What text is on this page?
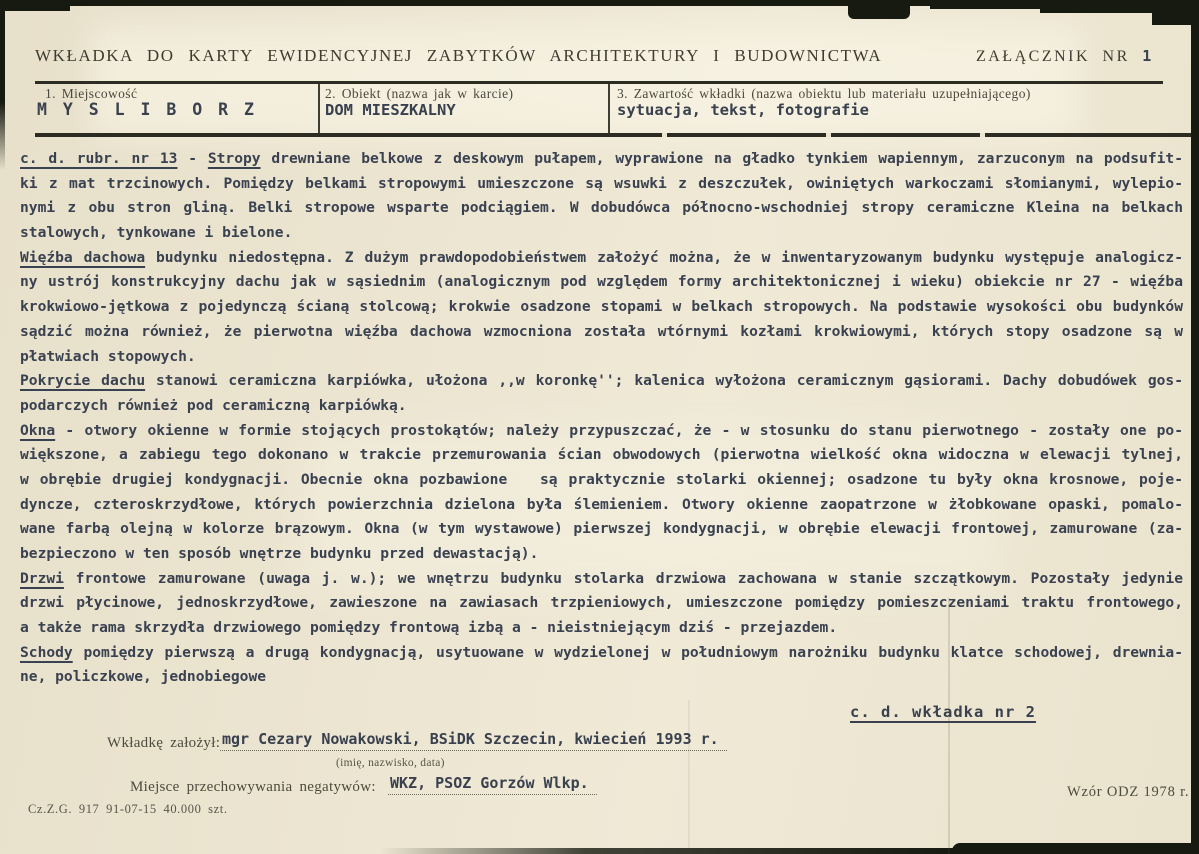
WKŁADKA DO KARTY EWIDENCYJNEJ ZABYTKÓW ARCHITEKTURY I BUDOWNICTWA	ZAŁĄCZNIK NR 1
1. Miejscowość
M Y S L I B O R Z
2. Obiekt (nazwa jak w karcie)
DOM MIESZKALNY
3. Zawartość wkładki (nazwa obiektu lub materiału uzupełniającego)
sytuacja, tekst, fotografie
c. d. rubr. nr 13 - Stropy drewniane belkowe z deskowym pułapem, wyprawione na gładko tynkiem wapiennym, zarzuconym na podsufit-
ki z mat trzcinowych. Pomiędzy belkami stropowymi umieszczone są wsuwki z deszczułek, owiniętych warkoczami słomianymi, wylepio-
nymi z obu stron gliną. Belki stropowe wsparte podciągiem. W dobudówca północno-wschodniej stropy ceramiczne Kleina na belkach
stalowych, tynkowane i bielone.
Więźba dachowa budynku niedostępna. Z dużym prawdopodobieństwem założyć można, że w inwentaryzowanym budynku występuje analogicz-
ny ustrój konstrukcyjny dachu jak w sąsiednim (analogicznym pod względem formy architektonicznej i wieku) obiekcie nr 27 - więźba
krokwiowo-jętkowa z pojedynczą ścianą stolcową; krokwie osadzone stopami w belkach stropowych. Na podstawie wysokości obu budynków
sądzić można również, że pierwotna więźba dachowa wzmocniona została wtórnymi kozłami krokwiowymi, których stopy osadzone są w
płatwiach stopowych.
Pokrycie dachu stanowi ceramiczna karpiówka, ułożona ,,w koronkę''; kalenica wyłożona ceramicznym gąsiorami. Dachy dobudówek gos-
podarczych również pod ceramiczną karpiówką.
Okna - otwory okienne w formie stojących prostokątów; należy przypuszczać, że - w stosunku do stanu pierwotnego - zostały one po-
większone, a zabiegu tego dokonano w trakcie przemurowania ścian obwodowych (pierwotna wielkość okna widoczna w elewacji tylnej,
w obrębie drugiej kondygnacji. Obecnie okna pozbawione   są praktycznie stolarki okiennej; osadzone tu były okna krosnowe, poje-
dyncze, czteroskrzydłowe, których powierzchnia dzielona była ślemieniem. Otwory okienne zaopatrzone w żłobkowane opaski, pomalo-
wane farbą olejną w kolorze brązowym. Okna (w tym wystawowe) pierwszej kondygnacji, w obrębie elewacji frontowej, zamurowane (za-
bezpieczono w ten sposób wnętrze budynku przed dewastacją).
Drzwi frontowe zamurowane (uwaga j. w.); we wnętrzu budynku stolarka drzwiowa zachowana w stanie szczątkowym. Pozostały jedynie
drzwi płycinowe, jednoskrzydłowe, zawieszone na zawiasach trzpieniowych, umieszczone pomiędzy pomieszczeniami traktu frontowego,
a także rama skrzydła drzwiowego pomiędzy frontową izbą a - nieistniejącym dziś - przejazdem.
Schody pomiędzy pierwszą a drugą kondygnacją, usytuowane w wydzielonej w południowym narożniku budynku klatce schodowej, drewnia-
ne, policzkowe, jednobiegowe
c. d. wkładka nr 2
Wkładkę założył: mgr Cezary Nowakowski, BSiDK Szczecin, kwiecień 1993 r.
(imię, nazwisko, data)
Miejsce przechowywania negatywów: WKZ, PSOZ Gorzów Wlkp.
Cz.Z.G. 917 91-07-15 40.000 szt.
Wzór ODZ 1978 r.
